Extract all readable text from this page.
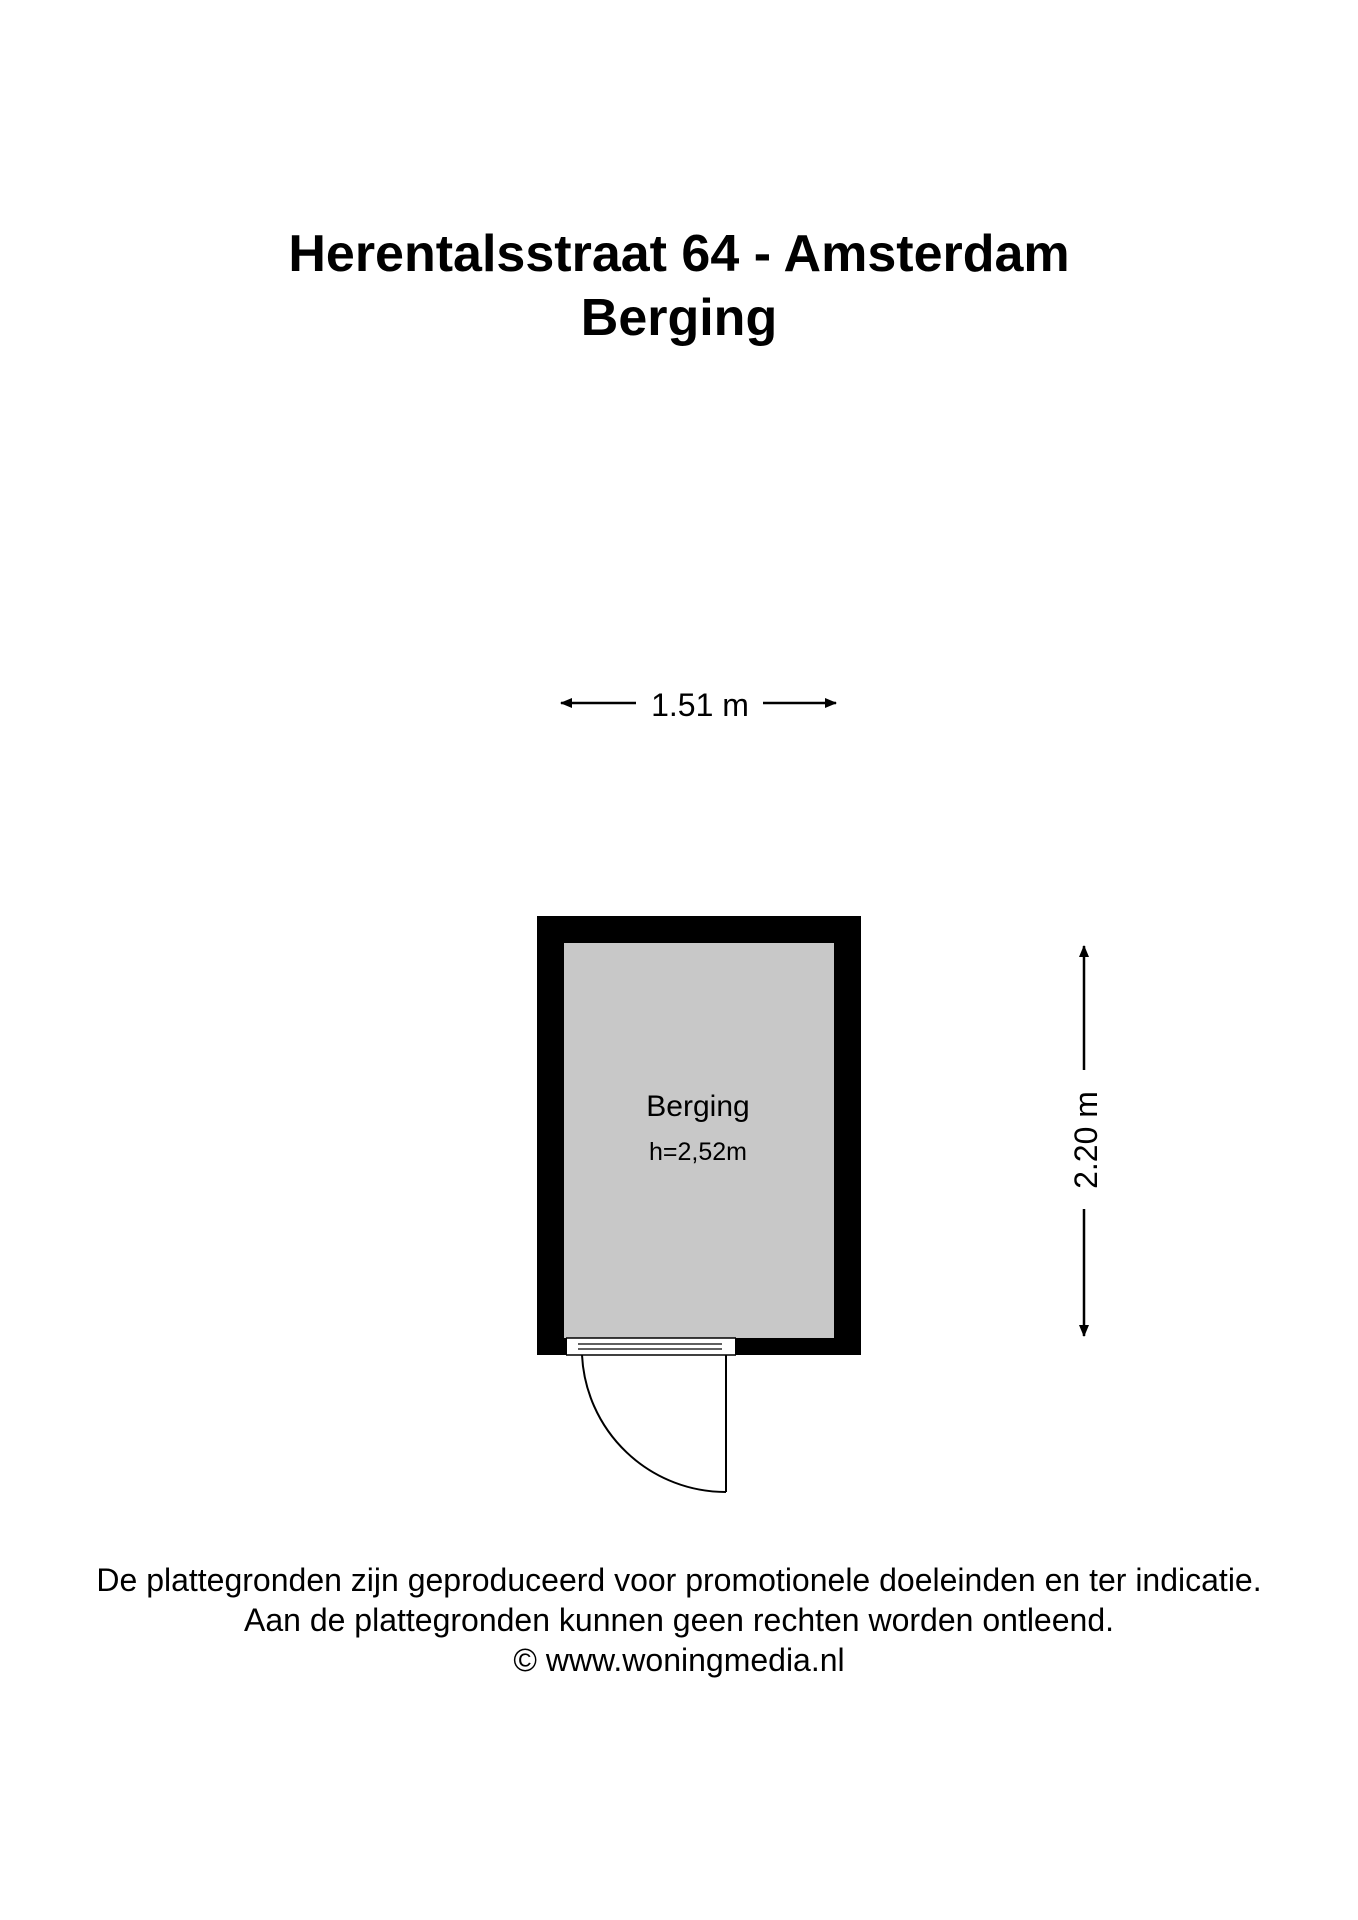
Herentalsstraat 64 - Amsterdam
Berging
1.51 m
Berging
h=2,52m	2.20 m
De plattegronden zijn geproduceerd voor promotionele doeleinden en ter indicatie.
Aan de plattegronden kunnen geen rechten worden ontleend.
© www.woningmedia.nl
